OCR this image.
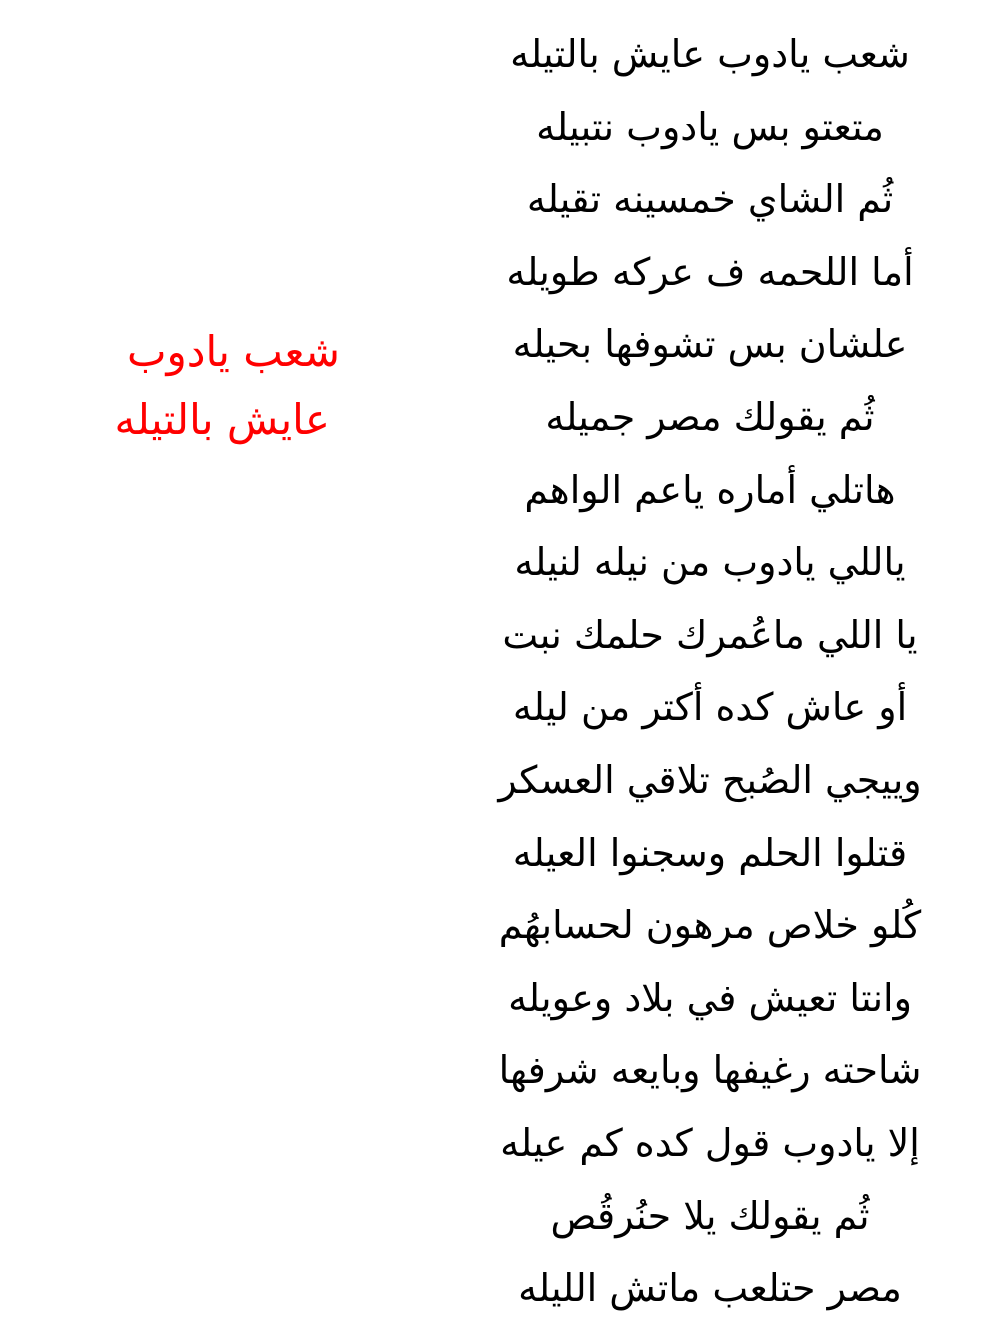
شعب يادوب
عايش بالتيله
شعب يادوب عايش بالتيله
متعتو بس يادوب نتبيله
ثُم الشاي خمسينه تقيله
أما اللحمه ف عركه طويله
علشان بس تشوفها بحيله
ثُم يقولك مصر جميله
هاتلي أماره ياعم الواهم
ياللي يادوب من نيله لنيله
يا اللي ماعُمرك حلمك نبت
أو عاش كده أكتر من ليله
وييجي الصُبح تلاقي العسكر
قتلوا الحلم وسجنوا العيله
كُلو خلاص مرهون لحسابهُم
وانتا تعيش في بلاد وعويله
شاحته رغيفها وبايعه شرفها
إلا يادوب قول كده كم عيله
ثُم يقولك يلا حنُرقُص
مصر حتلعب ماتش الليله
